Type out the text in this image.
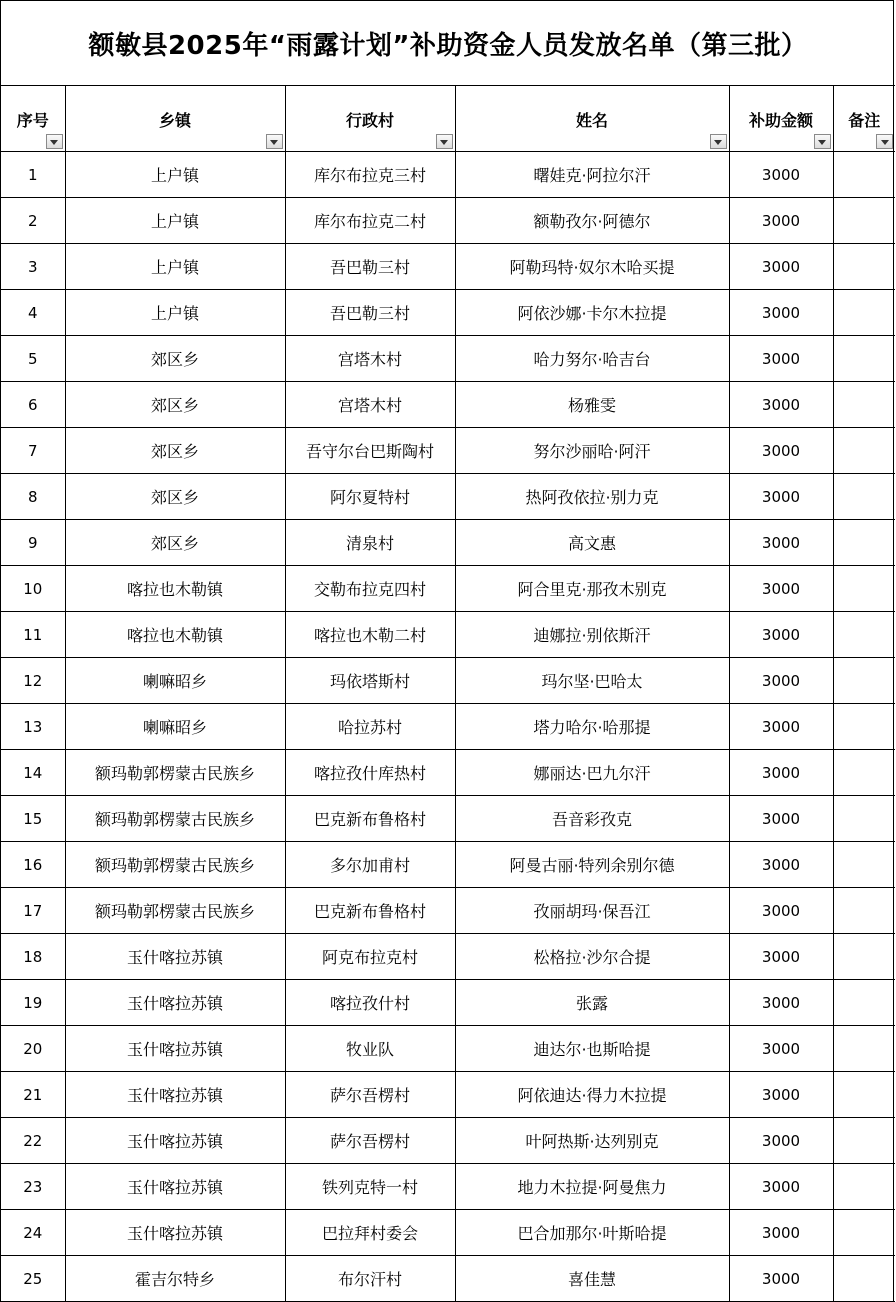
额敏县2025年“雨露计划”补助资金人员发放名单（第三批）
序号	乡镇	行政村	姓名	补助金额	备注

1	上户镇	库尔布拉克三村	曙娃克·阿拉尔汗	3000	
2	上户镇	库尔布拉克二村	额勒孜尔·阿德尔	3000	
3	上户镇	吾巴勒三村	阿勒玛特·奴尔木哈买提	3000	
4	上户镇	吾巴勒三村	阿依沙娜·卡尔木拉提	3000	
5	郊区乡	宫塔木村	哈力努尔·哈吉台	3000	
6	郊区乡	宫塔木村	杨雅雯	3000	
7	郊区乡	吾守尔台巴斯陶村	努尔沙丽哈·阿汗	3000	
8	郊区乡	阿尔夏特村	热阿孜依拉·别力克	3000	
9	郊区乡	清泉村	高文惠	3000	
10	喀拉也木勒镇	交勒布拉克四村	阿合里克·那孜木别克	3000	
11	喀拉也木勒镇	喀拉也木勒二村	迪娜拉·别依斯汗	3000	
12	喇嘛昭乡	玛依塔斯村	玛尔坚·巴哈太	3000	
13	喇嘛昭乡	哈拉苏村	塔力哈尔·哈那提	3000	
14	额玛勒郭楞蒙古民族乡	喀拉孜什库热村	娜丽达·巴九尔汗	3000	
15	额玛勒郭楞蒙古民族乡	巴克新布鲁格村	吾音彩孜克	3000	
16	额玛勒郭楞蒙古民族乡	多尔加甫村	阿曼古丽·特列余别尔德	3000	
17	额玛勒郭楞蒙古民族乡	巴克新布鲁格村	孜丽胡玛·保吾江	3000	
18	玉什喀拉苏镇	阿克布拉克村	松格拉·沙尔合提	3000	
19	玉什喀拉苏镇	喀拉孜什村	张露	3000	
20	玉什喀拉苏镇	牧业队	迪达尔·也斯哈提	3000	
21	玉什喀拉苏镇	萨尔吾楞村	阿依迪达·得力木拉提	3000	
22	玉什喀拉苏镇	萨尔吾楞村	叶阿热斯·达列别克	3000	
23	玉什喀拉苏镇	铁列克特一村	地力木拉提·阿曼焦力	3000	
24	玉什喀拉苏镇	巴拉拜村委会	巴合加那尔·叶斯哈提	3000	
25	霍吉尔特乡	布尔汗村	喜佳慧	3000	
